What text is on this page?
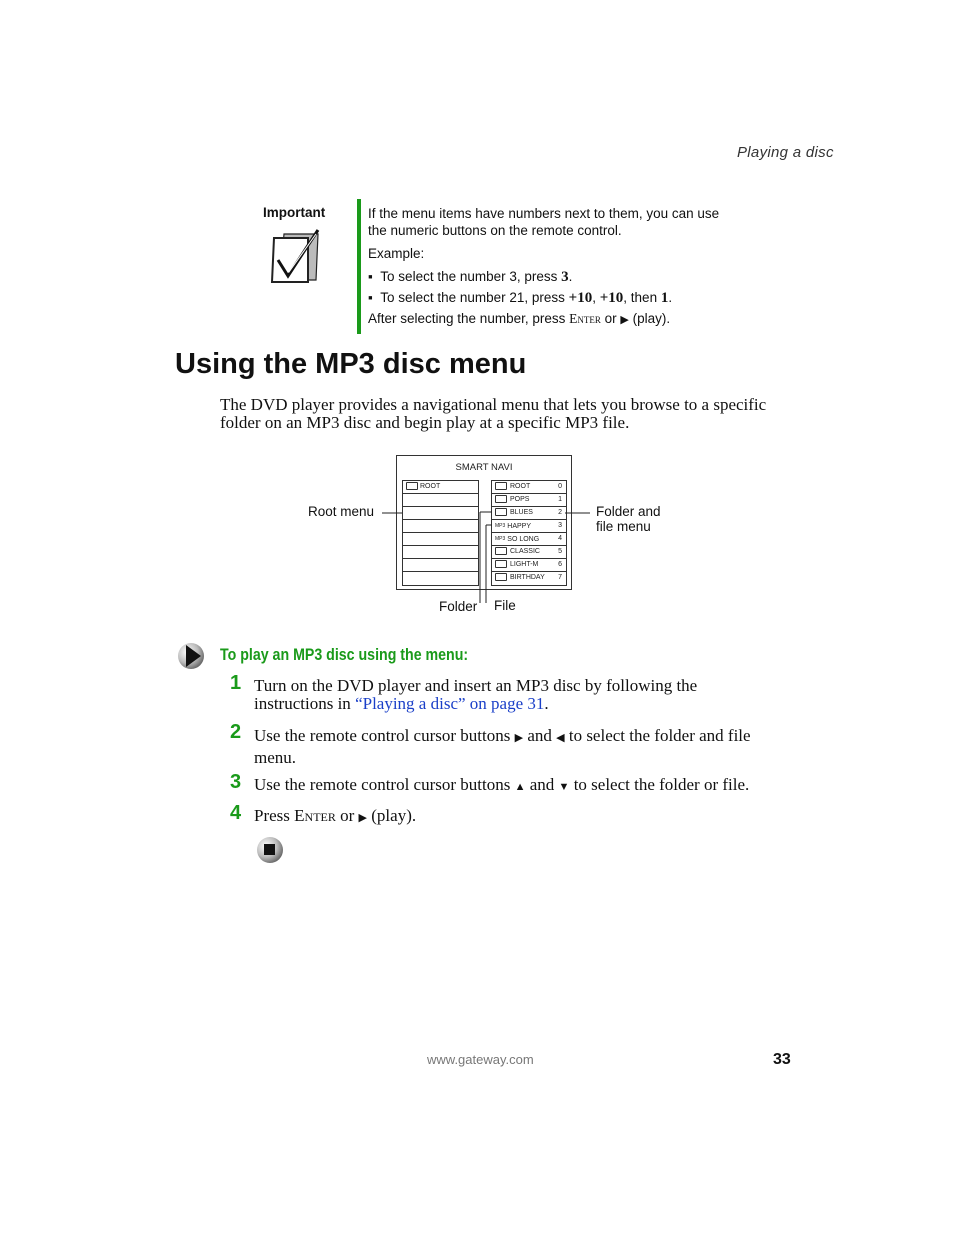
Playing a disc
Important	If the menu items have numbers next to them, you can use
the numeric buttons on the remote control.

Example:

▪  To select the number 3, press 3.

▪  To select the number 21, press +10, +10, then 1.

After selecting the number, press Enter or ▶ (play).

Using the MP3 disc menu
The DVD player provides a navigational menu that lets you browse to a specific
folder on an MP3 disc and begin play at a specific MP3 file.
SMART NAVI
ROOT	ROOT	0
POPS	1
BLUES	2
MP3 HAPPY	3
MP3 SO LONG	4
CLASSIC	5
LIGHT-M	6
BIRTHDAY 7
Root menu	Folder and
file menu
Folder File
To play an MP3 disc using the menu:
1 Turn on the DVD player and insert an MP3 disc by following the
instructions in “Playing a disc” on page 31.
2 Use the remote control cursor buttons ▶ and ◀ to select the folder and file
menu.
3 Use the remote control cursor buttons ▲ and ▼ to select the folder or file.
4 Press Enter or ▶ (play).
www.gateway.com	33
